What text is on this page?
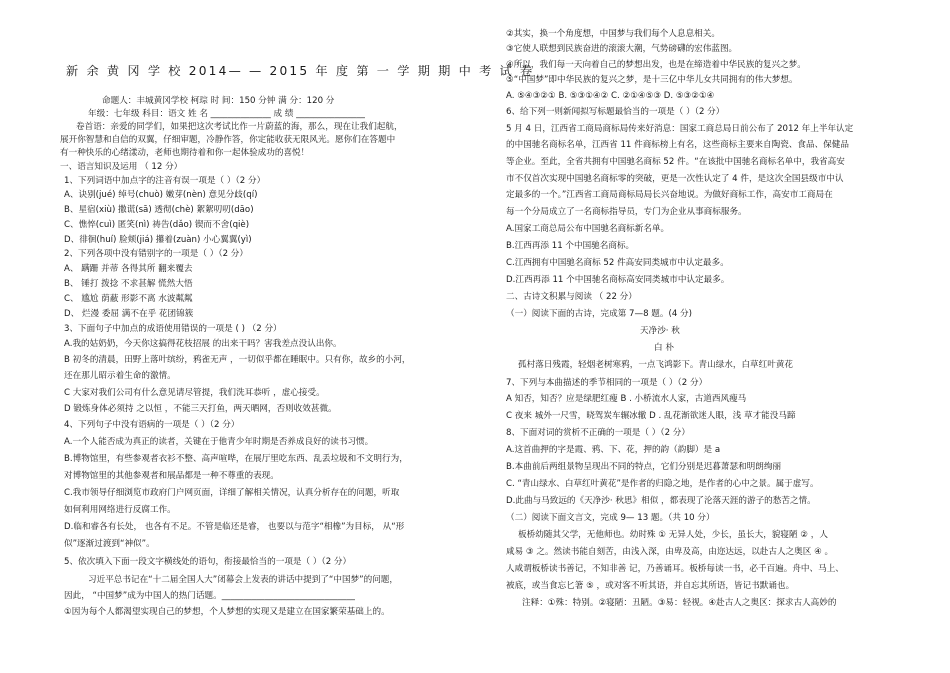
新 余 黄 冈 学 校 2014— — 2015 年 度 第 一 学 期 期 中 考 试 卷
命题人：丰城黄冈学校 柯琮 时 间：150 分钟 满 分：120 分
年级：七年级 科目：语文 姓 名 ______________ 成 绩 ________________
卷首语：亲爱的同学们，如果把这次考试比作一片蔚蓝的海，那么，现在让我们起航，
展开你智慧和自信的双翼，仔细审题，冷静作答，你定能收获无限风光。愿你们在答题中
有一种快乐的心绪漾动，老师也期待着和你一起体验成功的喜悦！
一、语言知识及运用 （ 12 分）
1、下列词语中加点字的注音有误一项是（ ）（2 分）
A、诀别(jué) 绰号(chuò) 嫩芽(nèn) 意见分歧(qí)
B、星宿(xiù) 撒谎(sā) 透彻(chè) 絮絮叨叨(dāo)
C、憔悴(cuì) 匿笑(nì) 祷告(dǎo) 锲而不舍(qiè)
D、徘徊(huí) 脸颊(jiá) 攥着(zuàn) 小心翼翼(yì)
2、下列各项中没有错别字的一项是（ ）（2 分）
A、 蹒跚 并蒂 各得其所 翻来覆去
B、 锤打 拨捻 不求甚解 慌然大悟
C、 尴尬 荫蔽 形影不离 水波粼粼
D、 烂漫 委屈 满不在乎 花团锦簇
3、下面句子中加点的成语使用错误的一项是 ( ) （2 分）
A.我的姑奶奶，今天你这搞得花枝招展 的出来干吗？害我差点没认出你。
B 初冬的清晨，田野上落叶缤纷，鸦雀无声 ，一切似乎都在睡眠中。只有你，故乡的小河，
还在那儿昭示着生命的激情。
C 大家对我们公司有什么意见请尽管提，我们洗耳恭听 ，虚心接受。
D 锻炼身体必须持 之以恒 ，不能三天打鱼，两天晒网，否则收效甚微。
4、下列句子中没有语病的一项是（ ）（2 分）
A.一个人能否成为真正的读者，关键在于他青少年时期是否养成良好的读书习惯。
B.博物馆里，有些参观者衣衫不整、高声喧哗，在展厅里吃东西、乱丢垃圾和不文明行为，
对博物馆里的其他参观者和展品都是一种不尊重的表现。
C.我市领导仔细浏览市政府门户网页面，详细了解相关情况，认真分析存在的问题，听取
如何利用网络进行反腐工作。
D.临和睿各有长处， 也各有不足。不管是临还是睿， 也要以与范字“相橡”为目标， 从“形
似”逐渐过渡到“神似”。
5、依次填入下面一段文字横线处的语句，衔接最恰当的一项是（ ）（2 分）
习近平总书记在“十二届全国人大”闭幕会上发表的讲话中提到了“中国梦”的问题，
因此， “中国梦”成为中国人的热门话题。_______________________________
①因为每个人都渴望实现自己的梦想，个人梦想的实现又是建立在国家繁荣基础上的。
②其实，换一个角度想，中国梦与我们每个人息息相关。
③它使人联想到民族奋进的滚滚大潮，气势磅礴的宏伟蓝图。
④所以，我们每一天向着自己的梦想出发，也是在缔造着中华民族的复兴之梦。
⑤“中国梦”即中华民族的复兴之梦，是十三亿中华儿女共同拥有的伟大梦想。
A. ⑤④③②① B. ⑤③①④② C. ②①④⑤③ D. ⑤③②①④
6、给下列一则新闻拟写标题最恰当的一项是（ ）（2 分）
5 月 4 日，江西省工商局商标局传来好消息：国家工商总局日前公布了 2012 年上半年认定
的中国驰名商标名单，江西省 11 件商标榜上有名，这些商标主要来自陶瓷、食品、保健品
等企业。至此，全省共拥有中国驰名商标 52 件。“在该批中国驰名商标名单中，我省高安
市不仅首次实现中国驰名商标零的突破，更是一次性认定了 4 件，是这次全国县级市中认
定最多的一个。”江西省工商局商标局局长兴奋地说。为做好商标工作，高安市工商局在
每一个分局成立了一名商标指导员，专门为企业从事商标服务。
A.国家工商总局公布中国驰名商标新名单。
B.江西再添 11 个中国驰名商标。
C.江西拥有中国驰名商标 52 件高安同类城市中认定最多。
D.江西再添 11 个中国驰名商标高安同类城市中认定最多。
二、古诗文积累与阅读 （ 22 分）
（一）阅读下面的古诗，完成第 7—8 题。(4 分)
天净沙· 秋
白 朴
孤村落日残霞，轻烟老树寒鸦，一点飞鸿影下。青山绿水，白草红叶黄花
7、下列与本曲描述的季节相同的一项是（ ）（2 分）
A 知否，知否？应是绿肥红瘦 B . 小桥流水人家，古道西风瘦马
C 夜来 城外一尺雪，晓驾炭车辗冰辙 D . 乱花渐欲迷人眼，浅 草才能没马蹄
8、下面对词的赏析不正确的一项是（ ）（2 分）
A.这首曲押的字是霞、鸦、下、花，押的韵（韵脚）是 a
B.本曲前后两组景物呈现出不同的特点，它们分别是迟暮萧瑟和明朗绚丽
C. “青山绿水、白草红叶黄花”是作者的归隐之地，是作者的心中之景。属于虚写。
D.此曲与马致远的《天净沙· 秋思》相似 ，都表现了沦落天涯的游子的愁苦之情。
（二）阅读下面文言文，完成 9— 13 题。（共 10 分）
板桥幼随其父学，无他师也。幼时殊 ① 无异人处，少长，虽长大，貌寝陋 ② ，人
咸易 ③ 之。然读书能自刻苦，由浅入深，由卑及高，由迩达远，以赴古人之奥区 ④ 。
人咸谓板桥读书善记，不知非善 记，乃善诵耳。板桥每读一书，必千百遍。舟中、马上、
被底，或当食忘匕箸 ⑤ ，或对客不听其语，并自忘其所语，皆记书默诵也。
注释：①殊：特别。②寝陋：丑陋。③易：轻视。④赴古人之奥区：探求古人高妙的
